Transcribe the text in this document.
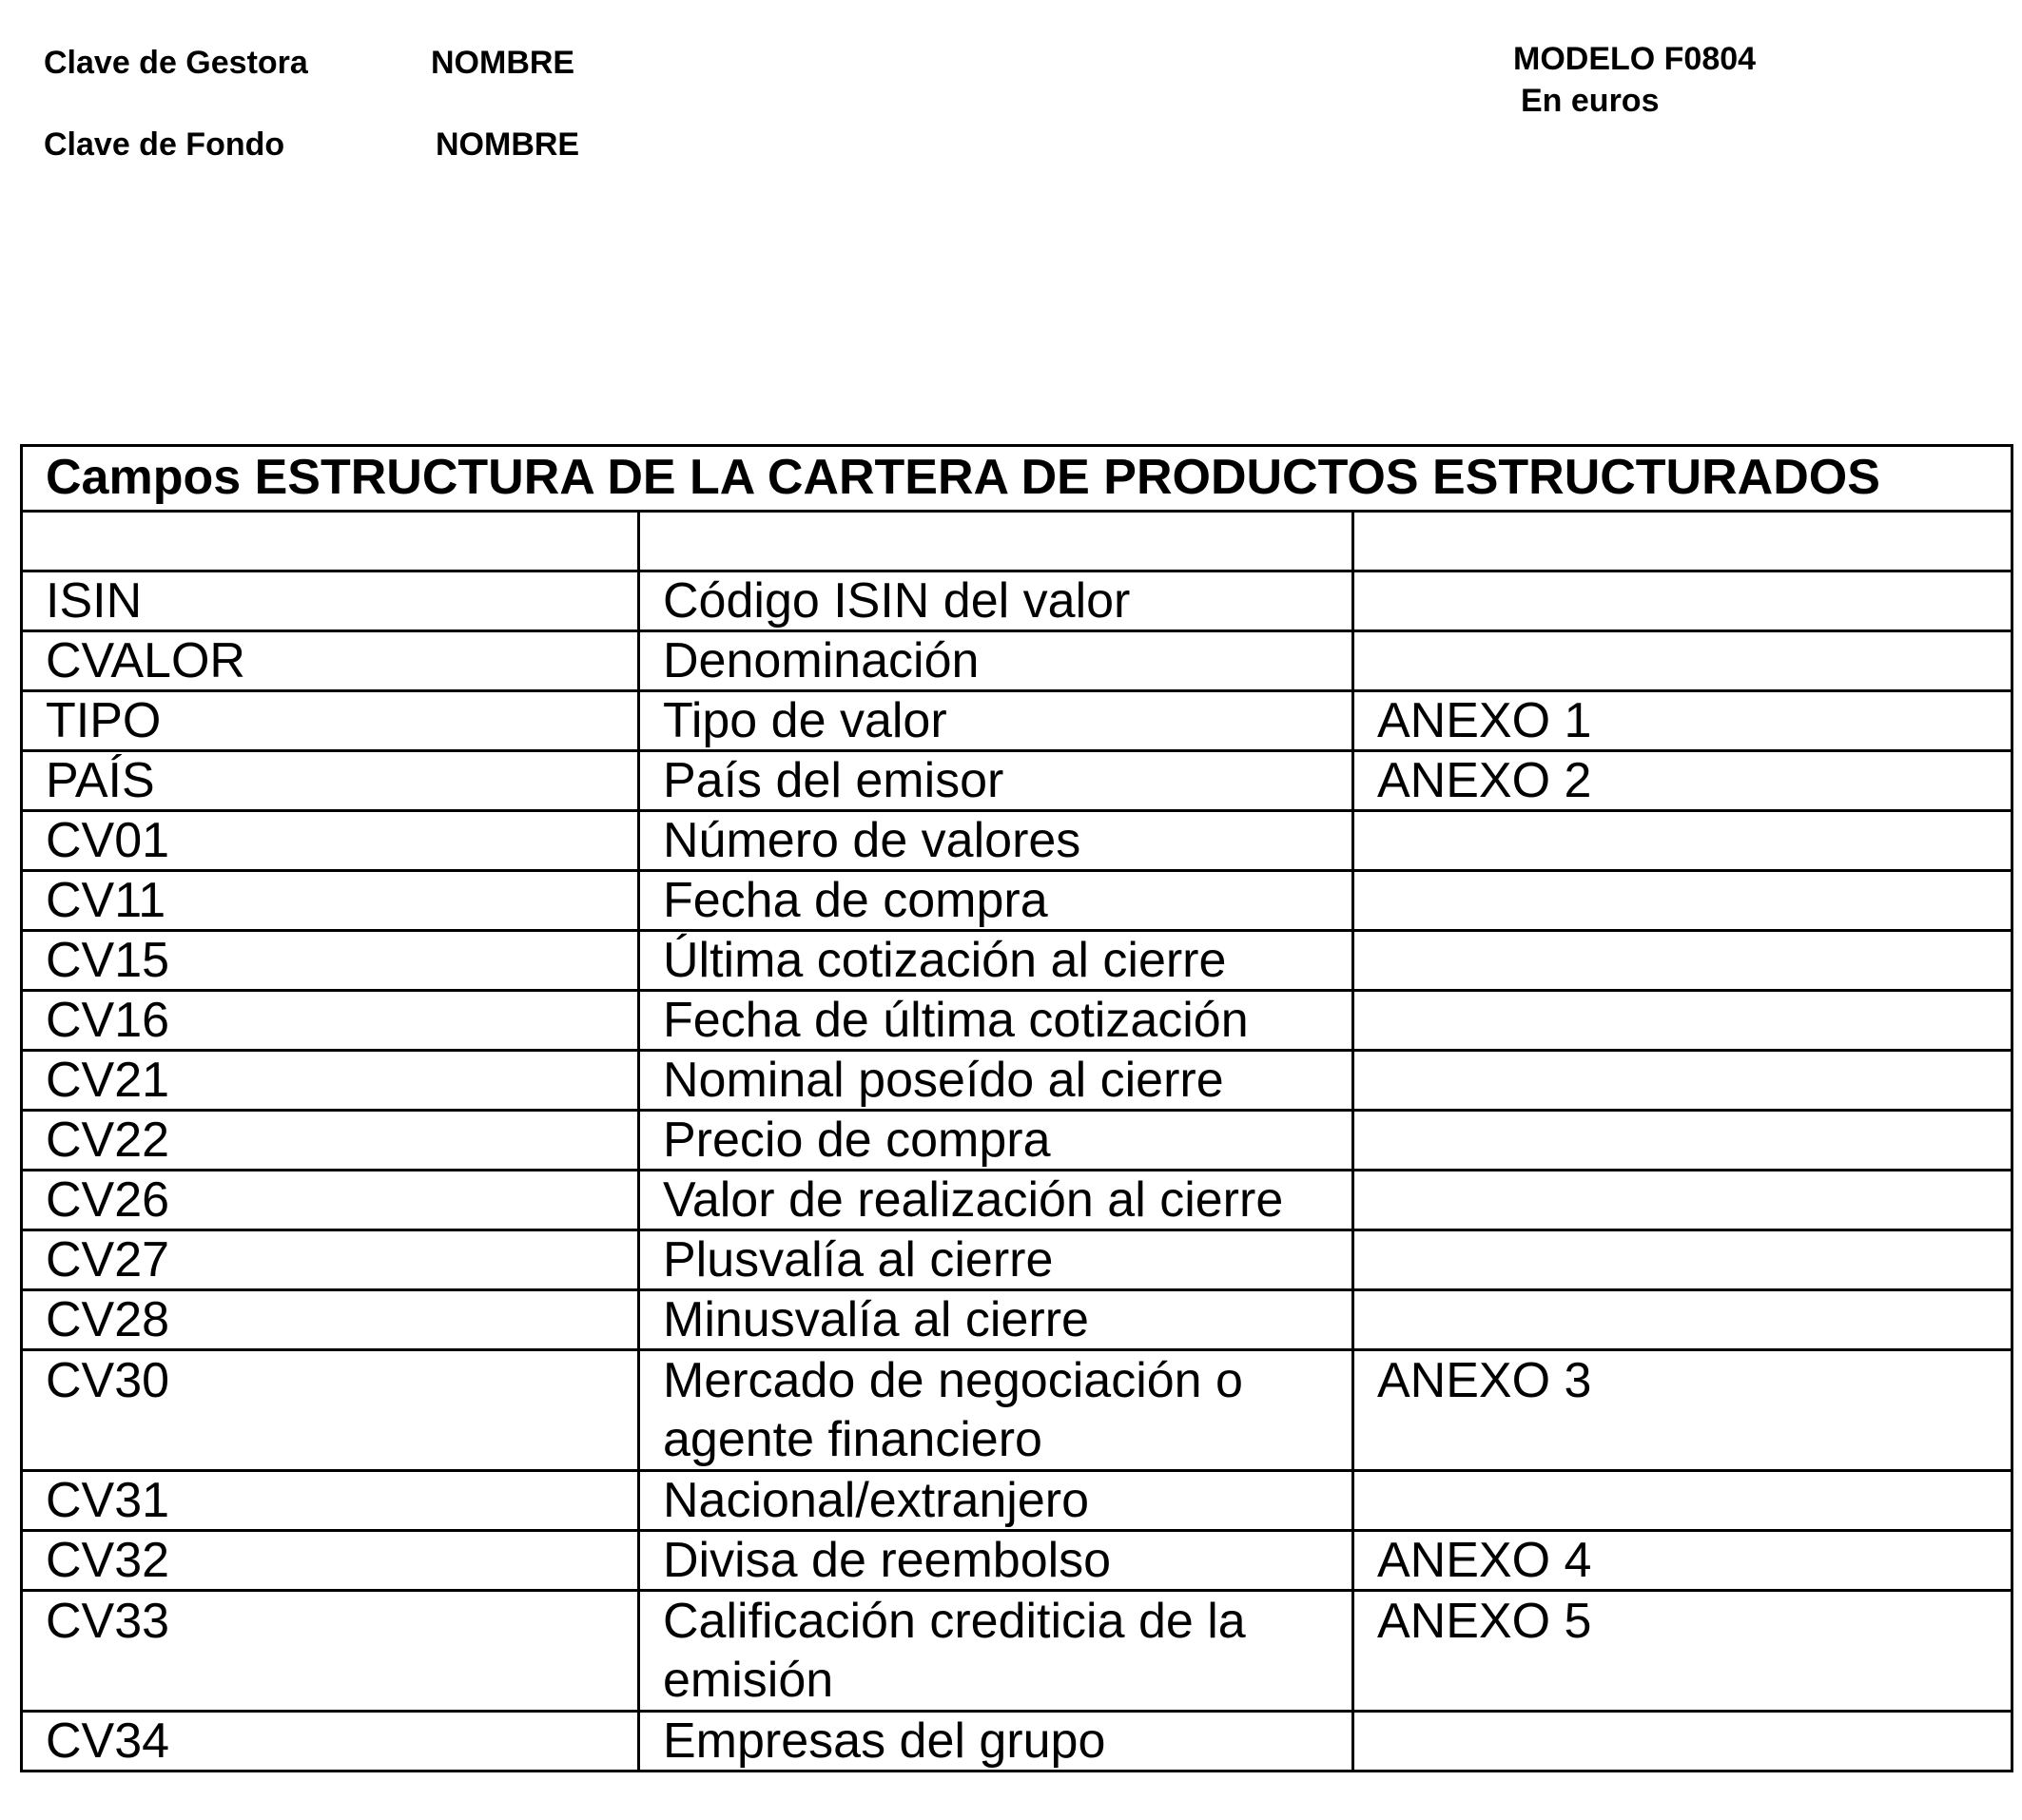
Clave de Gestora	NOMBRE
Clave de Fondo	NOMBRE
MODELO F0804
En euros
Campos ESTRUCTURA DE LA CARTERA DE PRODUCTOS ESTRUCTURADOS		

ISIN	Código ISIN del valor	
CVALOR	Denominación	
TIPO	Tipo de valor	ANEXO 1
PAÍS	País del emisor	ANEXO 2
CV01	Número de valores	
CV11	Fecha de compra	
CV15	Última cotización al cierre	
CV16	Fecha de última cotización	
CV21	Nominal poseído al cierre	
CV22	Precio de compra	
CV26	Valor de realización al cierre	
CV27	Plusvalía al cierre	
CV28	Minusvalía al cierre	
CV30	Mercado de negociación o agente financiero	ANEXO 3
CV31	Nacional/extranjero	
CV32	Divisa de reembolso	ANEXO 4
CV33	Calificación crediticia de la emisión	ANEXO 5
CV34	Empresas del grupo	
